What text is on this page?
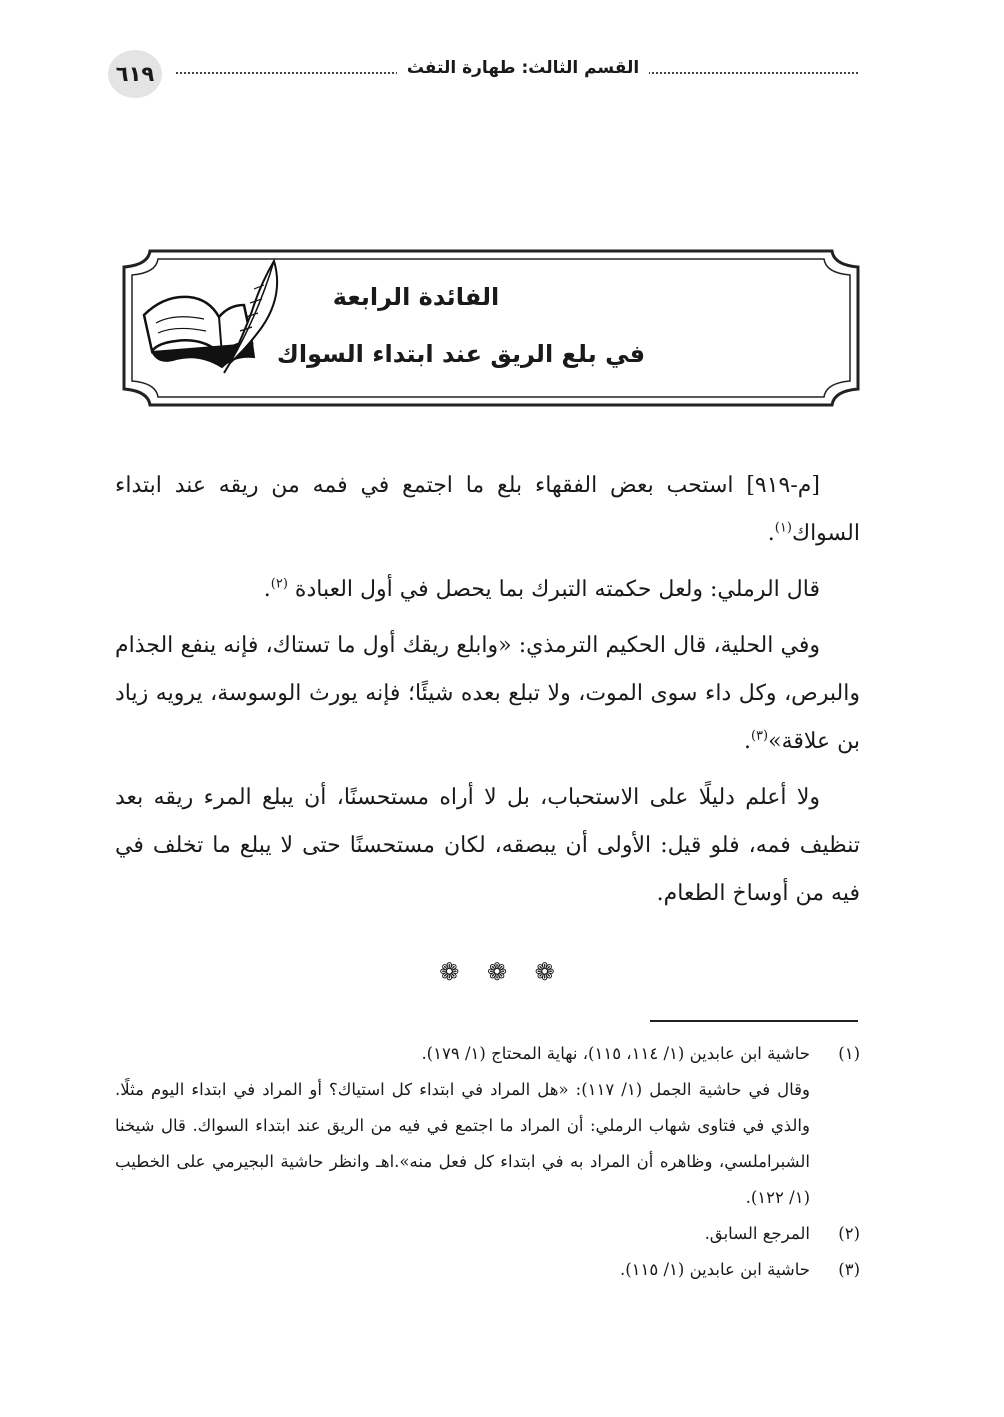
٦١٩	القسم الثالث: طهارة التفث
الفائدة الرابعة
في بلع الريق عند ابتداء السواك

[م-٩١٩] استحب بعض الفقهاء بلع ما اجتمع في فمه من ريقه عند ابتداء السواك$^{(١)}$.

قال الرملي: ولعل حكمته التبرك بما يحصل في أول العبادة $^{(٢)}$.

وفي الحلية، قال الحكيم الترمذي: «وابلع ريقك أول ما تستاك، فإنه ينفع الجذام والبرص، وكل داء سوى الموت، ولا تبلع بعده شيئًا؛ فإنه يورث الوسوسة، يرويه زياد بن علاقة»$^{(٣)}$.

ولا أعلم دليلًا على الاستحباب، بل لا أراه مستحسنًا، أن يبلع المرء ريقه بعد تنظيف فمه، فلو قيل: الأولى أن يبصقه، لكان مستحسنًا حتى لا يبلع ما تخلف في فيه من أوساخ الطعام.

❁ ❁ ❁
(١)
حاشية ابن عابدين (١/ ١١٤، ١١٥)، نهاية المحتاج (١/ ١٧٩).
وقال في حاشية الجمل (١/ ١١٧): «هل المراد في ابتداء كل استياك؟ أو المراد في ابتداء اليوم مثلًا. والذي في فتاوى شهاب الرملي: أن المراد ما اجتمع في فيه من الريق عند ابتداء السواك. قال شيخنا الشبراملسي، وظاهره أن المراد به في ابتداء كل فعل منه».اهـ وانظر حاشية البجيرمي على الخطيب (١/ ١٢٢).
(٢)
المرجع السابق.
(٣)
حاشية ابن عابدين (١/ ١١٥).
